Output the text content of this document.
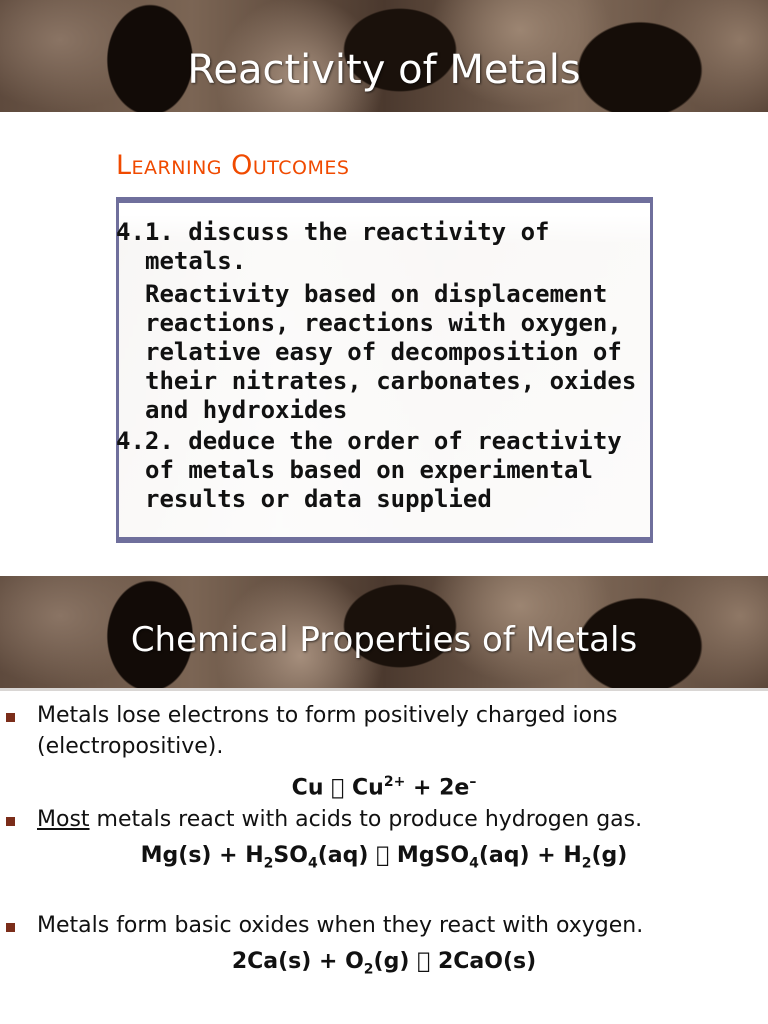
Reactivity of Metals
Learning Outcomes
4.1. discuss the reactivity of
metals.
Reactivity based on displacement
reactions, reactions with oxygen,
relative easy of decomposition of
their nitrates, carbonates, oxides
and hydroxides
4.2. deduce the order of reactivity
of metals based on experimental
results or data supplied
Chemical Properties of Metals
Metals lose electrons to form positively charged ions
(electropositive).
Cu $Cu^{2+} + 2e^-$
Most metals react with acids to produce hydrogen gas.
$Mg(s) + H_2SO_4(aq)$ MgSO$_4$(aq) + $H_2(g)$
Metals form basic oxides when they react with oxygen.
$2Ca(s) + O_2(g)$ 2CaO(s)
